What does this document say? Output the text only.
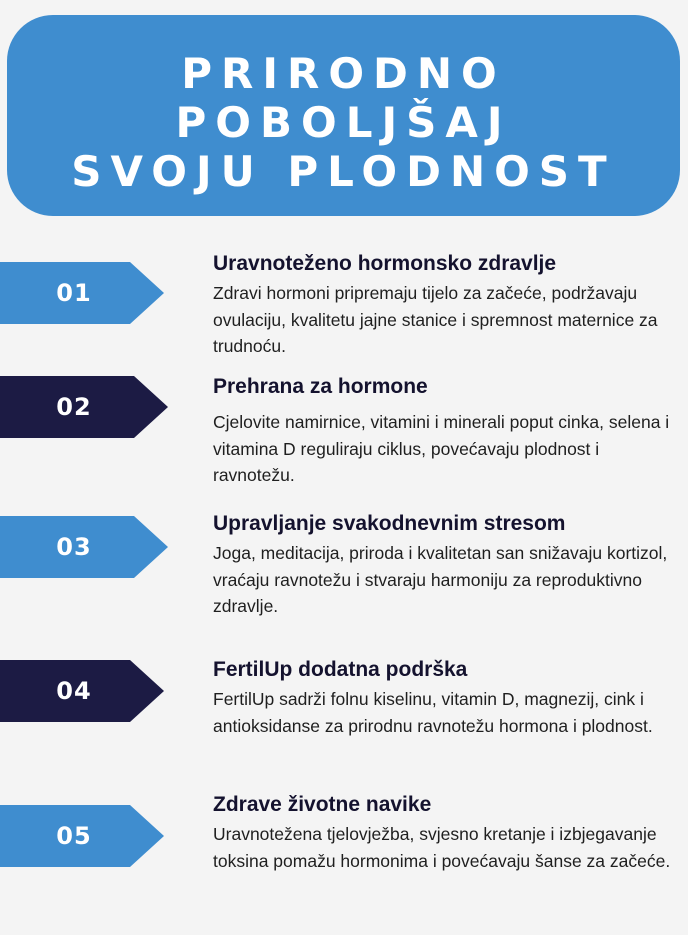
PRIRODNO
POBOLJŠAJ
SVOJU PLODNOST
01

Uravnoteženo hormonsko zdravlje

Zdravi hormoni pripremaju tijelo za začeće, podržavaju ovulaciju, kvalitetu jajne stanice i spremnost maternice za trudnoću.

02

Prehrana za hormone

Cjelovite namirnice, vitamini i minerali poput cinka, selena i vitamina D reguliraju ciklus, povećavaju plodnost i ravnotežu.

03

Upravljanje svakodnevnim stresom

Joga, meditacija, priroda i kvalitetan san snižavaju kortizol, vraćaju ravnotežu i stvaraju harmoniju za reproduktivno zdravlje.

04

FertilUp dodatna podrška

FertilUp sadrži folnu kiselinu, vitamin D, magnezij, cink i antioksidanse za prirodnu ravnotežu hormona i plodnost.

05

Zdrave životne navike

Uravnotežena tjelovježba, svjesno kretanje i izbjegavanje toksina pomažu hormonima i povećavaju šanse za začeće.
